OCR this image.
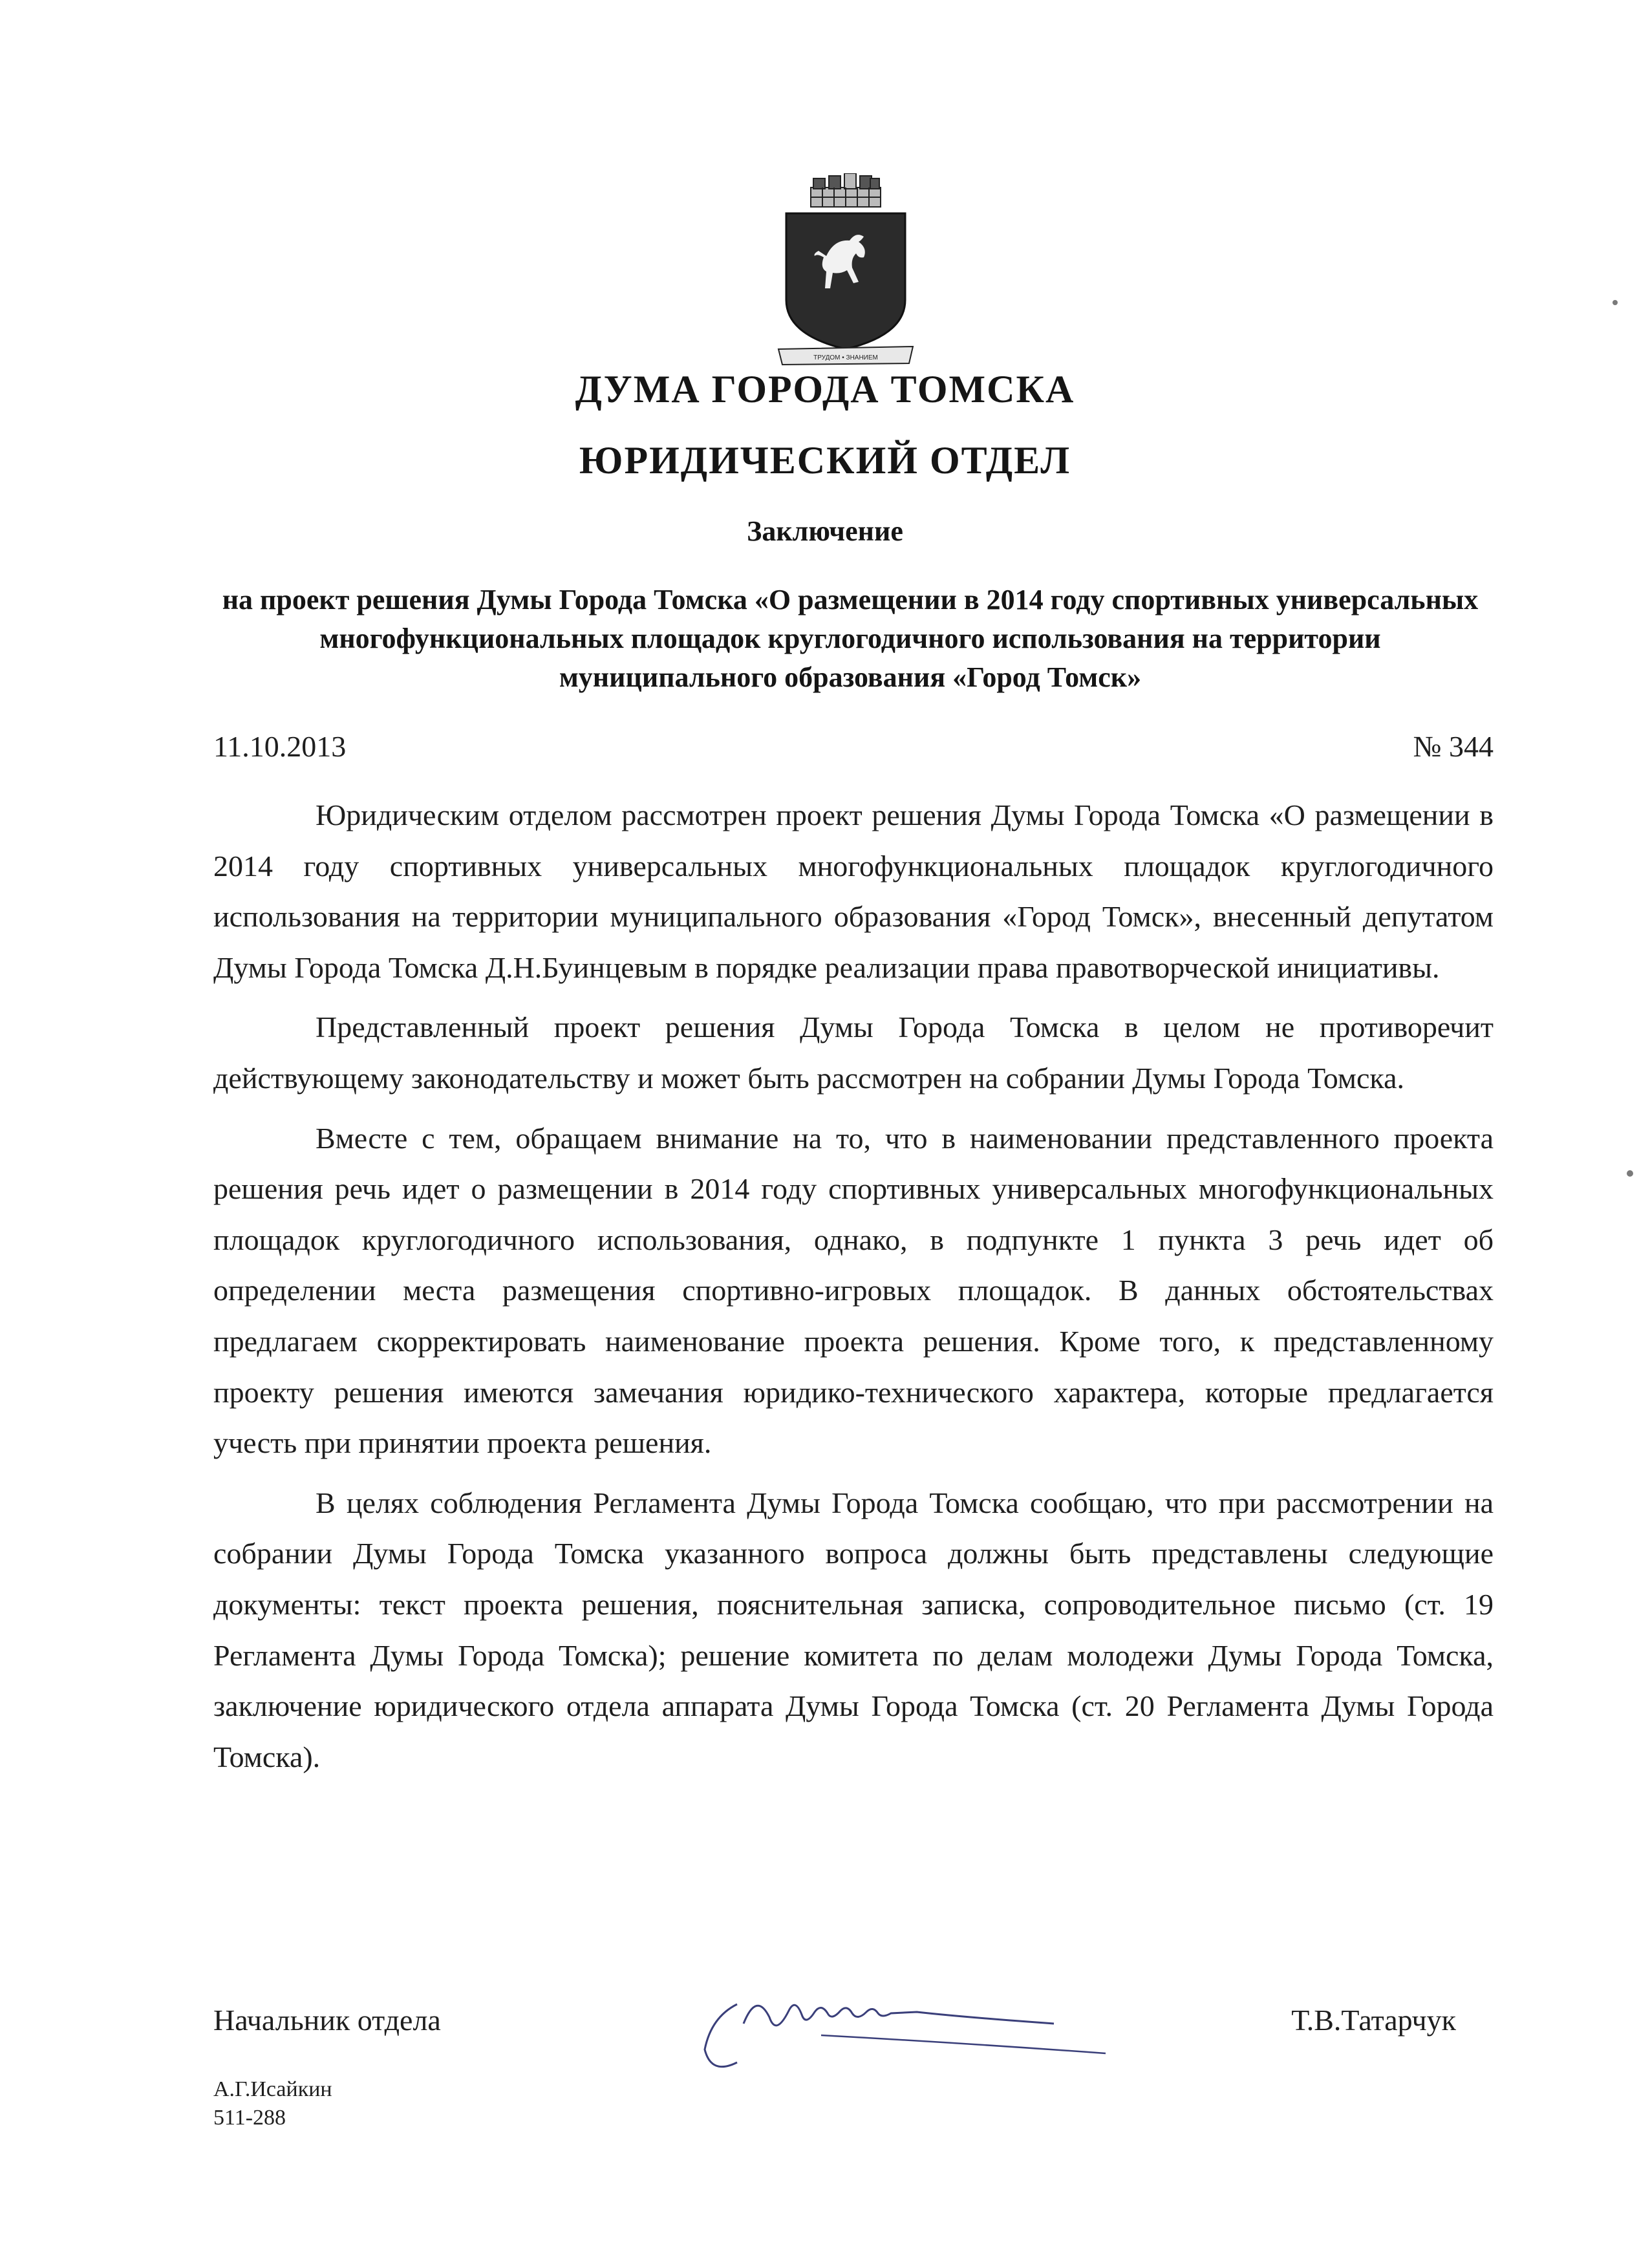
ТРУДОМ • ЗНАНИЕМ
ДУМА ГОРОДА ТОМСКА
ЮРИДИЧЕСКИЙ ОТДЕЛ
Заключение
на проект решения Думы Города Томска «О размещении в 2014 году спортивных универсальных многофункциональных площадок круглогодичного использования на территории муниципального образования «Город Томск»
11.10.2013	№ 344

Юридическим отделом рассмотрен проект решения Думы Города Томска «О размещении в 2014 году спортивных универсальных многофункциональных площадок круглогодичного использования на территории муниципального образования «Город Томск», внесенный депутатом Думы Города Томска Д.Н.Буинцевым в порядке реализации права правотворческой инициативы.

Представленный проект решения Думы Города Томска в целом не противоречит действующему законодательству и может быть рассмотрен на собрании Думы Города Томска.

Вместе с тем, обращаем внимание на то, что в наименовании представленного проекта решения речь идет о размещении в 2014 году спортивных универсальных многофункциональных площадок круглогодичного использования, однако, в подпункте 1 пункта 3 речь идет об определении места размещения спортивно-игровых площадок. В данных обстоятельствах предлагаем скорректировать наименование проекта решения. Кроме того, к представленному проекту решения имеются замечания юридико-технического характера, которые предлагается учесть при принятии проекта решения.

В целях соблюдения Регламента Думы Города Томска сообщаю, что при рассмотрении на собрании Думы Города Томска указанного вопроса должны быть представлены следующие документы: текст проекта решения, пояснительная записка, сопроводительное письмо (ст. 19 Регламента Думы Города Томска); решение комитета по делам молодежи Думы Города Томска, заключение юридического отдела аппарата Думы Города Томска (ст. 20 Регламента Думы Города Томска).

Начальник отдела	Т.В.Татарчук
А.Г.Исайкин
511-288
